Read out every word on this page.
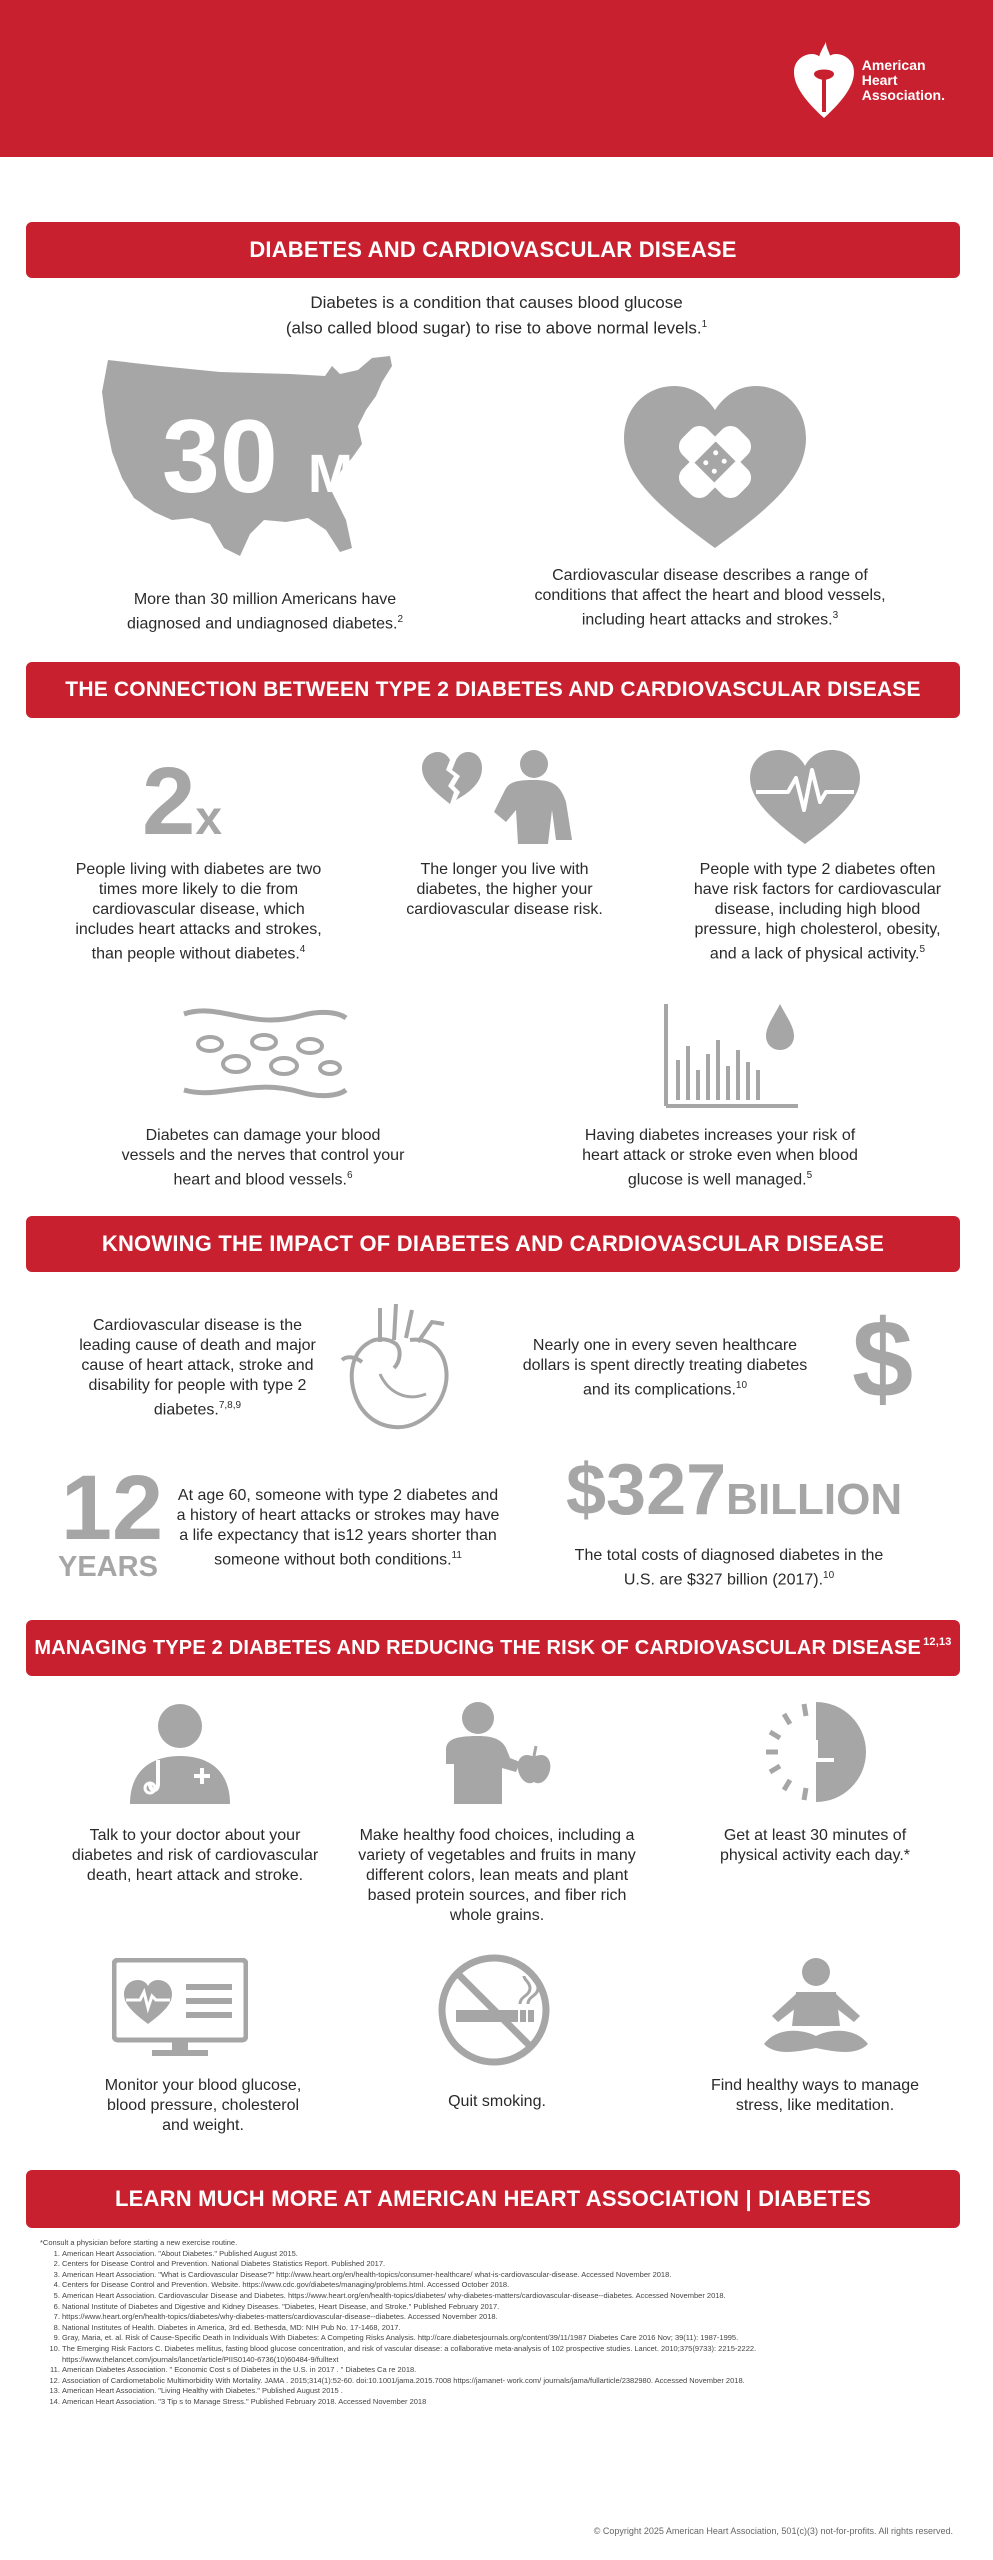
American
Heart
Association.
DIABETES AND CARDIOVASCULAR DISEASE
Diabetes is a condition that causes blood glucose
(also called blood sugar) to rise to above normal levels.$^1$
30 M
More than 30 million Americans have diagnosed and undiagnosed diabetes.$^2$
Cardiovascular disease describes a range of conditions that affect the heart and blood vessels, including heart attacks and strokes.$^3$
THE CONNECTION BETWEEN TYPE 2 DIABETES AND CARDIOVASCULAR DISEASE
2x
People living with diabetes are two times more likely to die from cardiovascular disease, which includes heart attacks and strokes, than people without diabetes.$^4$
The longer you live with diabetes, the higher your cardiovascular disease risk.
People with type 2 diabetes often have risk factors for cardiovascular disease, including high blood pressure, high cholesterol, obesity, and a lack of physical activity.$^5$
Diabetes can damage your blood vessels and the nerves that control your heart and blood vessels.$^6$
Having diabetes increases your risk of heart attack or stroke even when blood glucose is well managed.$^5$
KNOWING THE IMPACT OF DIABETES AND CARDIOVASCULAR DISEASE
Cardiovascular disease is the leading cause of death and major cause of heart attack, stroke and disability for people with type 2 diabetes.$^{7,8,9}$
Nearly one in every seven healthcare dollars is spent directly treating diabetes and its complications.$^{10}$ $
12
YEARS
At age 60, someone with type 2 diabetes and a history of heart attacks or strokes may have a life expectancy that is12 years shorter than someone without both conditions.$^{11}$
$327BILLION
The total costs of diagnosed diabetes in the U.S. are $327 billion (2017).$^{10}$
MANAGING TYPE 2 DIABETES AND REDUCING THE RISK OF CARDIOVASCULAR DISEASE$^{12,13}$
Talk to your doctor about your diabetes and risk of cardiovascular death, heart attack and stroke.
Make healthy food choices, including a variety of vegetables and fruits in many different colors, lean meats and plant based protein sources, and fiber rich whole grains.
Get at least 30 minutes of physical activity each day.*
Monitor your blood glucose, blood pressure, cholesterol and weight.
Quit smoking.
Find healthy ways to manage stress, like meditation.
LEARN MUCH MORE AT AMERICAN HEART ASSOCIATION | DIABETES
*Consult a physician before starting a new exercise routine.
1. American Heart Association. "About Diabetes." Published August 2015.
2. Centers for Disease Control and Prevention. National Diabetes Statistics Report. Published 2017.
3. American Heart Association. "What is Cardiovascular Disease?" http://www.heart.org/en/health-topics/consumer-healthcare/ what-is-cardiovascular-disease. Accessed November 2018.
4. Centers for Disease Control and Prevention. Website. https://www.cdc.gov/diabetes/managing/problems.html. Accessed October 2018.
5. American Heart Association. Cardiovascular Disease and Diabetes. https://www.heart.org/en/health-topics/diabetes/ why-diabetes-matters/cardiovascular-disease--diabetes. Accessed November 2018.
6. National Institute of Diabetes and Digestive and Kidney Diseases. "Diabetes, Heart Disease, and Stroke." Published February 2017.
7. https://www.heart.org/en/health-topics/diabetes/why-diabetes-matters/cardiovascular-disease--diabetes. Accessed November 2018.
8. National Institutes of Health. Diabetes in America, 3rd ed. Bethesda, MD: NIH Pub No. 17-1468, 2017.
9. Gray, Maria, et. al. Risk of Cause-Specific Death in Individuals With Diabetes: A Competing Risks Analysis. http://care.diabetesjournals.org/content/39/11/1987 Diabetes Care 2016 Nov; 39(11): 1987-1995.
10. The Emerging Risk Factors C. Diabetes mellitus, fasting blood glucose concentration, and risk of vascular disease: a collaborative meta-analysis of 102 prospective studies. Lancet. 2010;375(9733): 2215-2222. https://www.thelancet.com/journals/lancet/article/PIIS0140-6736(10)60484-9/fulltext
11. American Diabetes Association. " Economic Cost s of Diabetes in the U.S. in 2017 . " Diabetes Ca re 2018.
12. Association of Cardiometabolic Multimorbidity With Mortality. JAMA . 2015;314(1):52-60. doi:10.1001/jama.2015.7008 https://jamanet- work.com/ journals/jama/fullarticle/2382980. Accessed November 2018.
13. American Heart Association. "Living Healthy with Diabetes." Published August 2015 .
14. American Heart Association. "3 Tip s to Manage Stress." Published February 2018. Accessed November 2018
© Copyright 2025 American Heart Association, 501(c)(3) not-for-profits. All rights reserved.
